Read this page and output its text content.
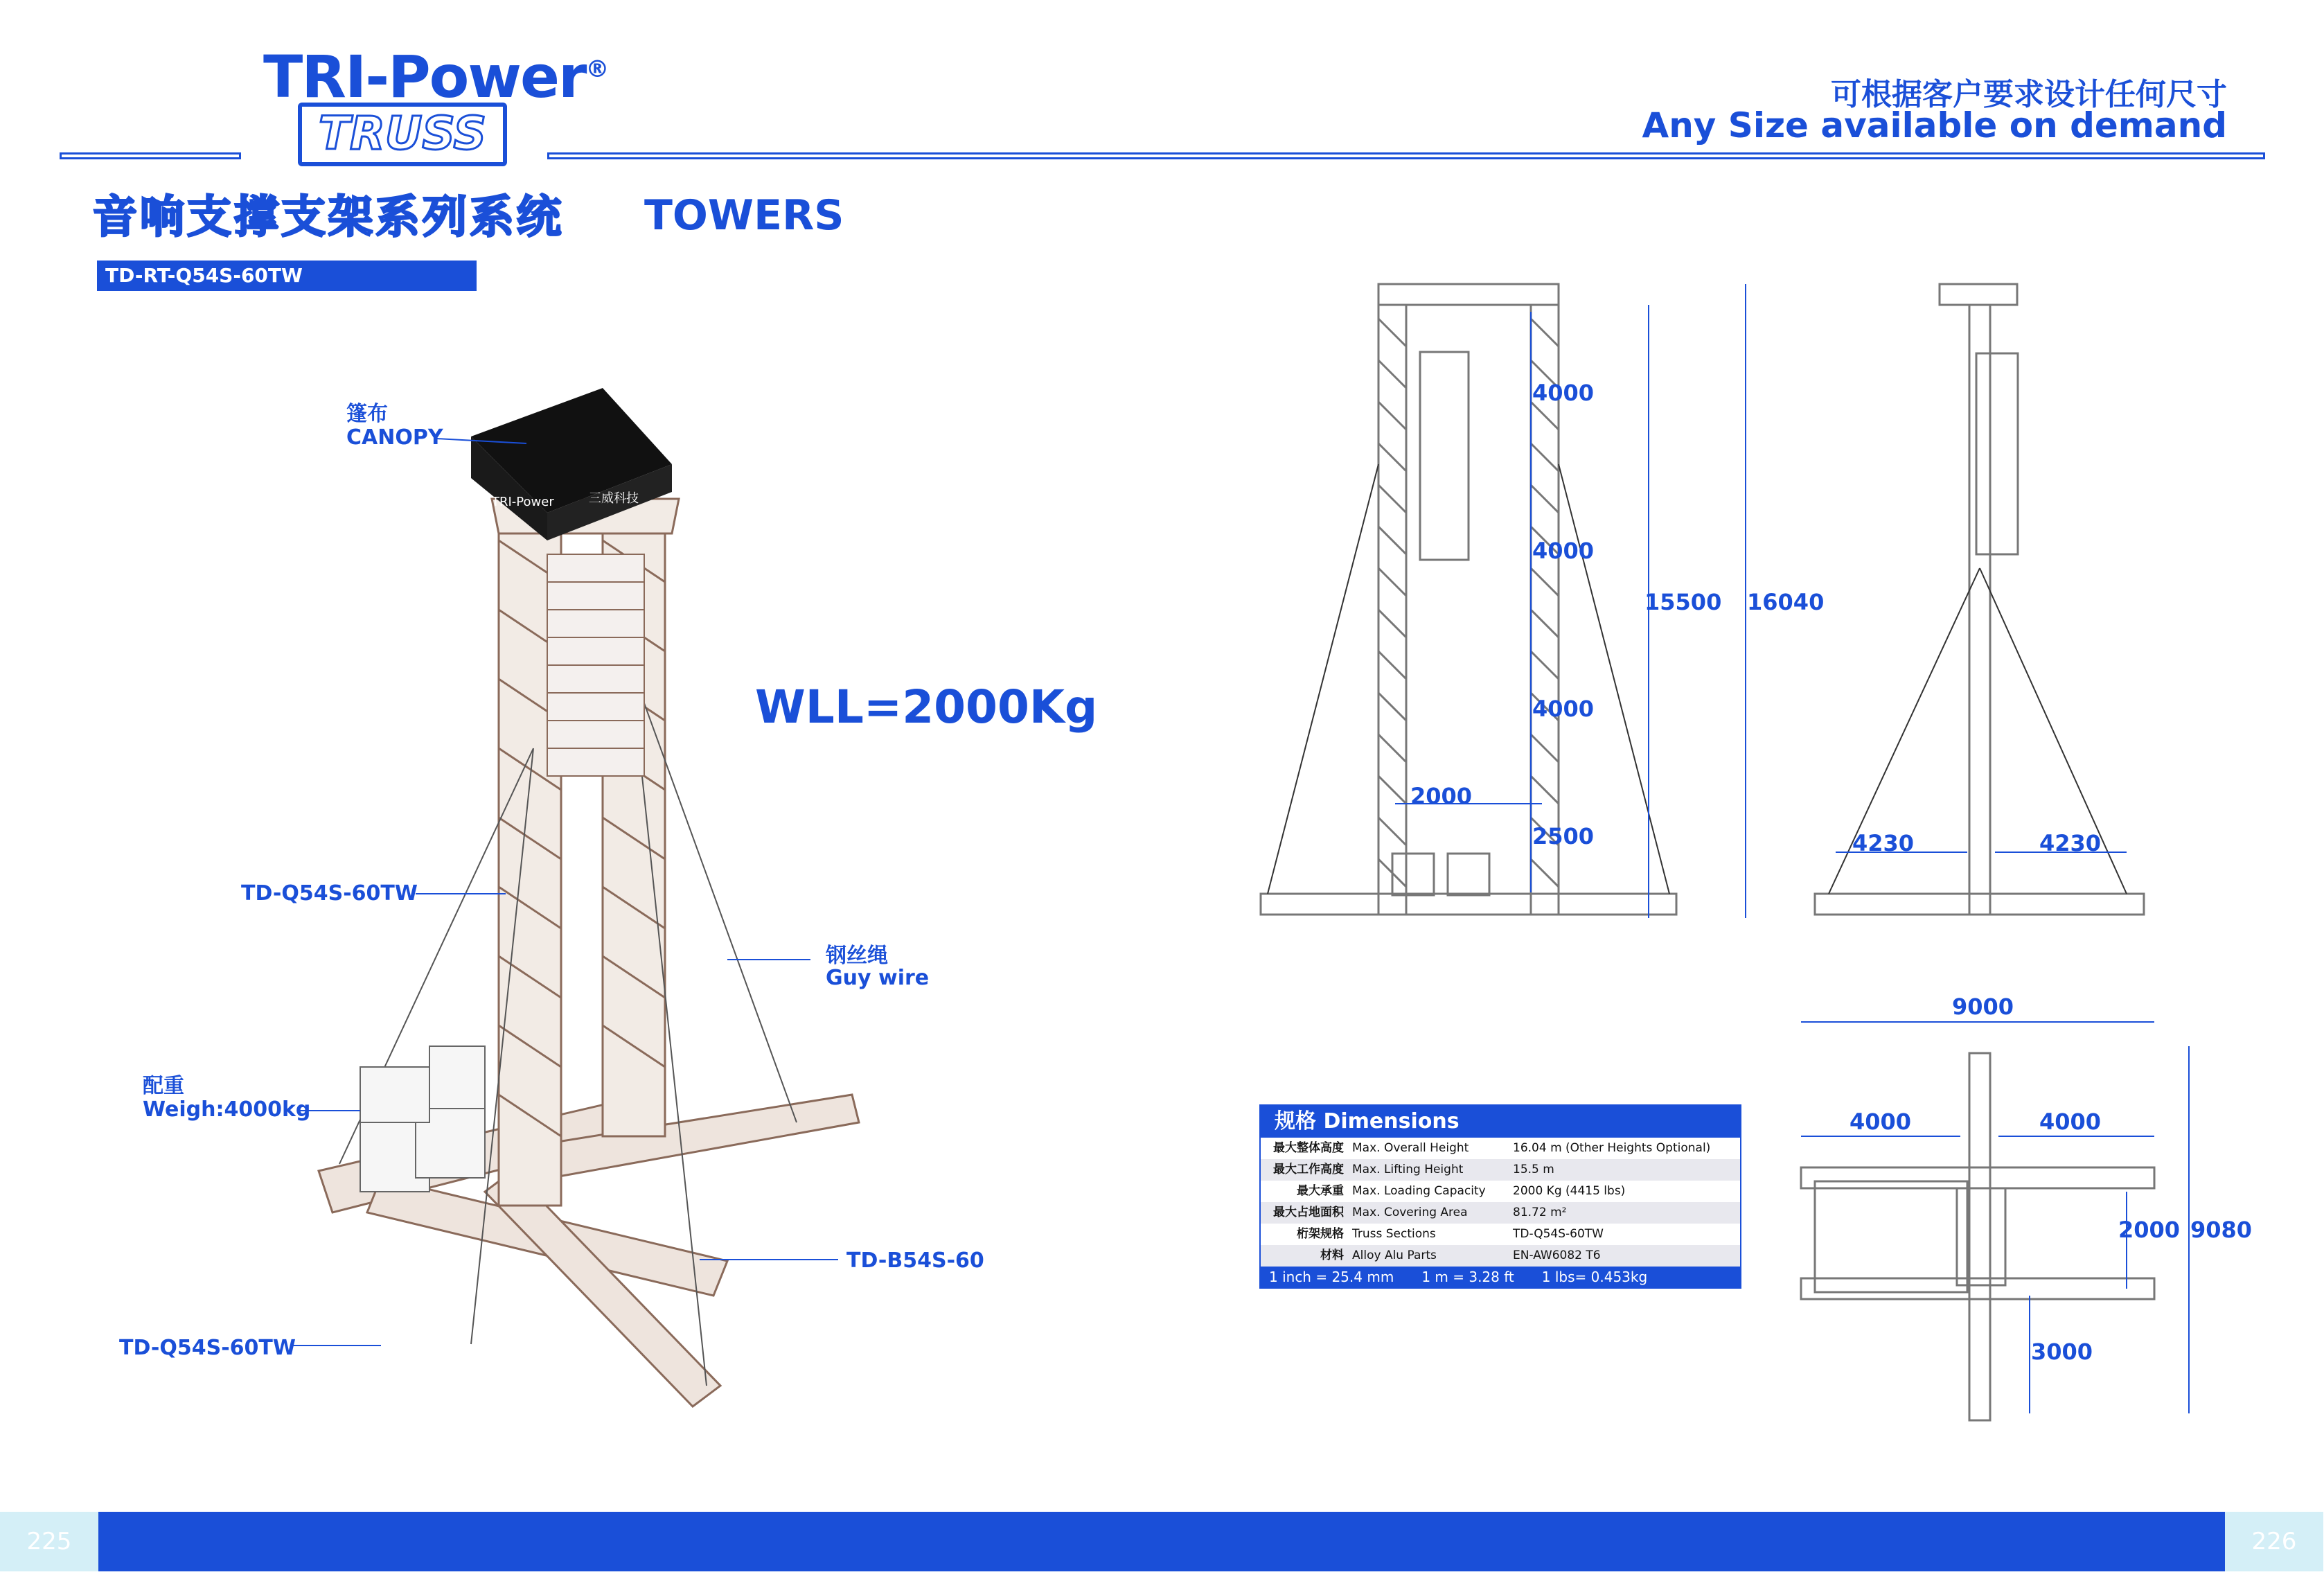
TRI-Power®
TRUSS
可根据客户要求设计任何尺寸
Any Size available on demand
音响支撑支架系列系统 TOWERS
TD-RT-Q54S-60TW
TRI-Power	三威科技
篷布
CANOPY
TD-Q54S-60TW
钢丝绳
Guy wire
配重
Weigh:4000kg
TD-B54S-60
TD-Q54S-60TW
WLL=2000Kg
4000
4000
4000
2500
2000
15500 16040
4230	4230
9000
4000	4000
2000 9080
3000
规格 Dimensions
最大整体高度 Max. Overall Height	16.04 m (Other Heights Optional)
最大工作高度 Max. Lifting Height	15.5 m
最大承重 Max. Loading Capacity	2000 Kg (4415 lbs)
最大占地面积 Max. Covering Area	81.72 m²
桁架规格 Truss Sections	TD-Q54S-60TW
材料 Alloy Alu Parts	EN-AW6082 T6
1 inch = 25.4 mm	1 m = 3.28 ft	1 lbs= 0.453kg
225	226
